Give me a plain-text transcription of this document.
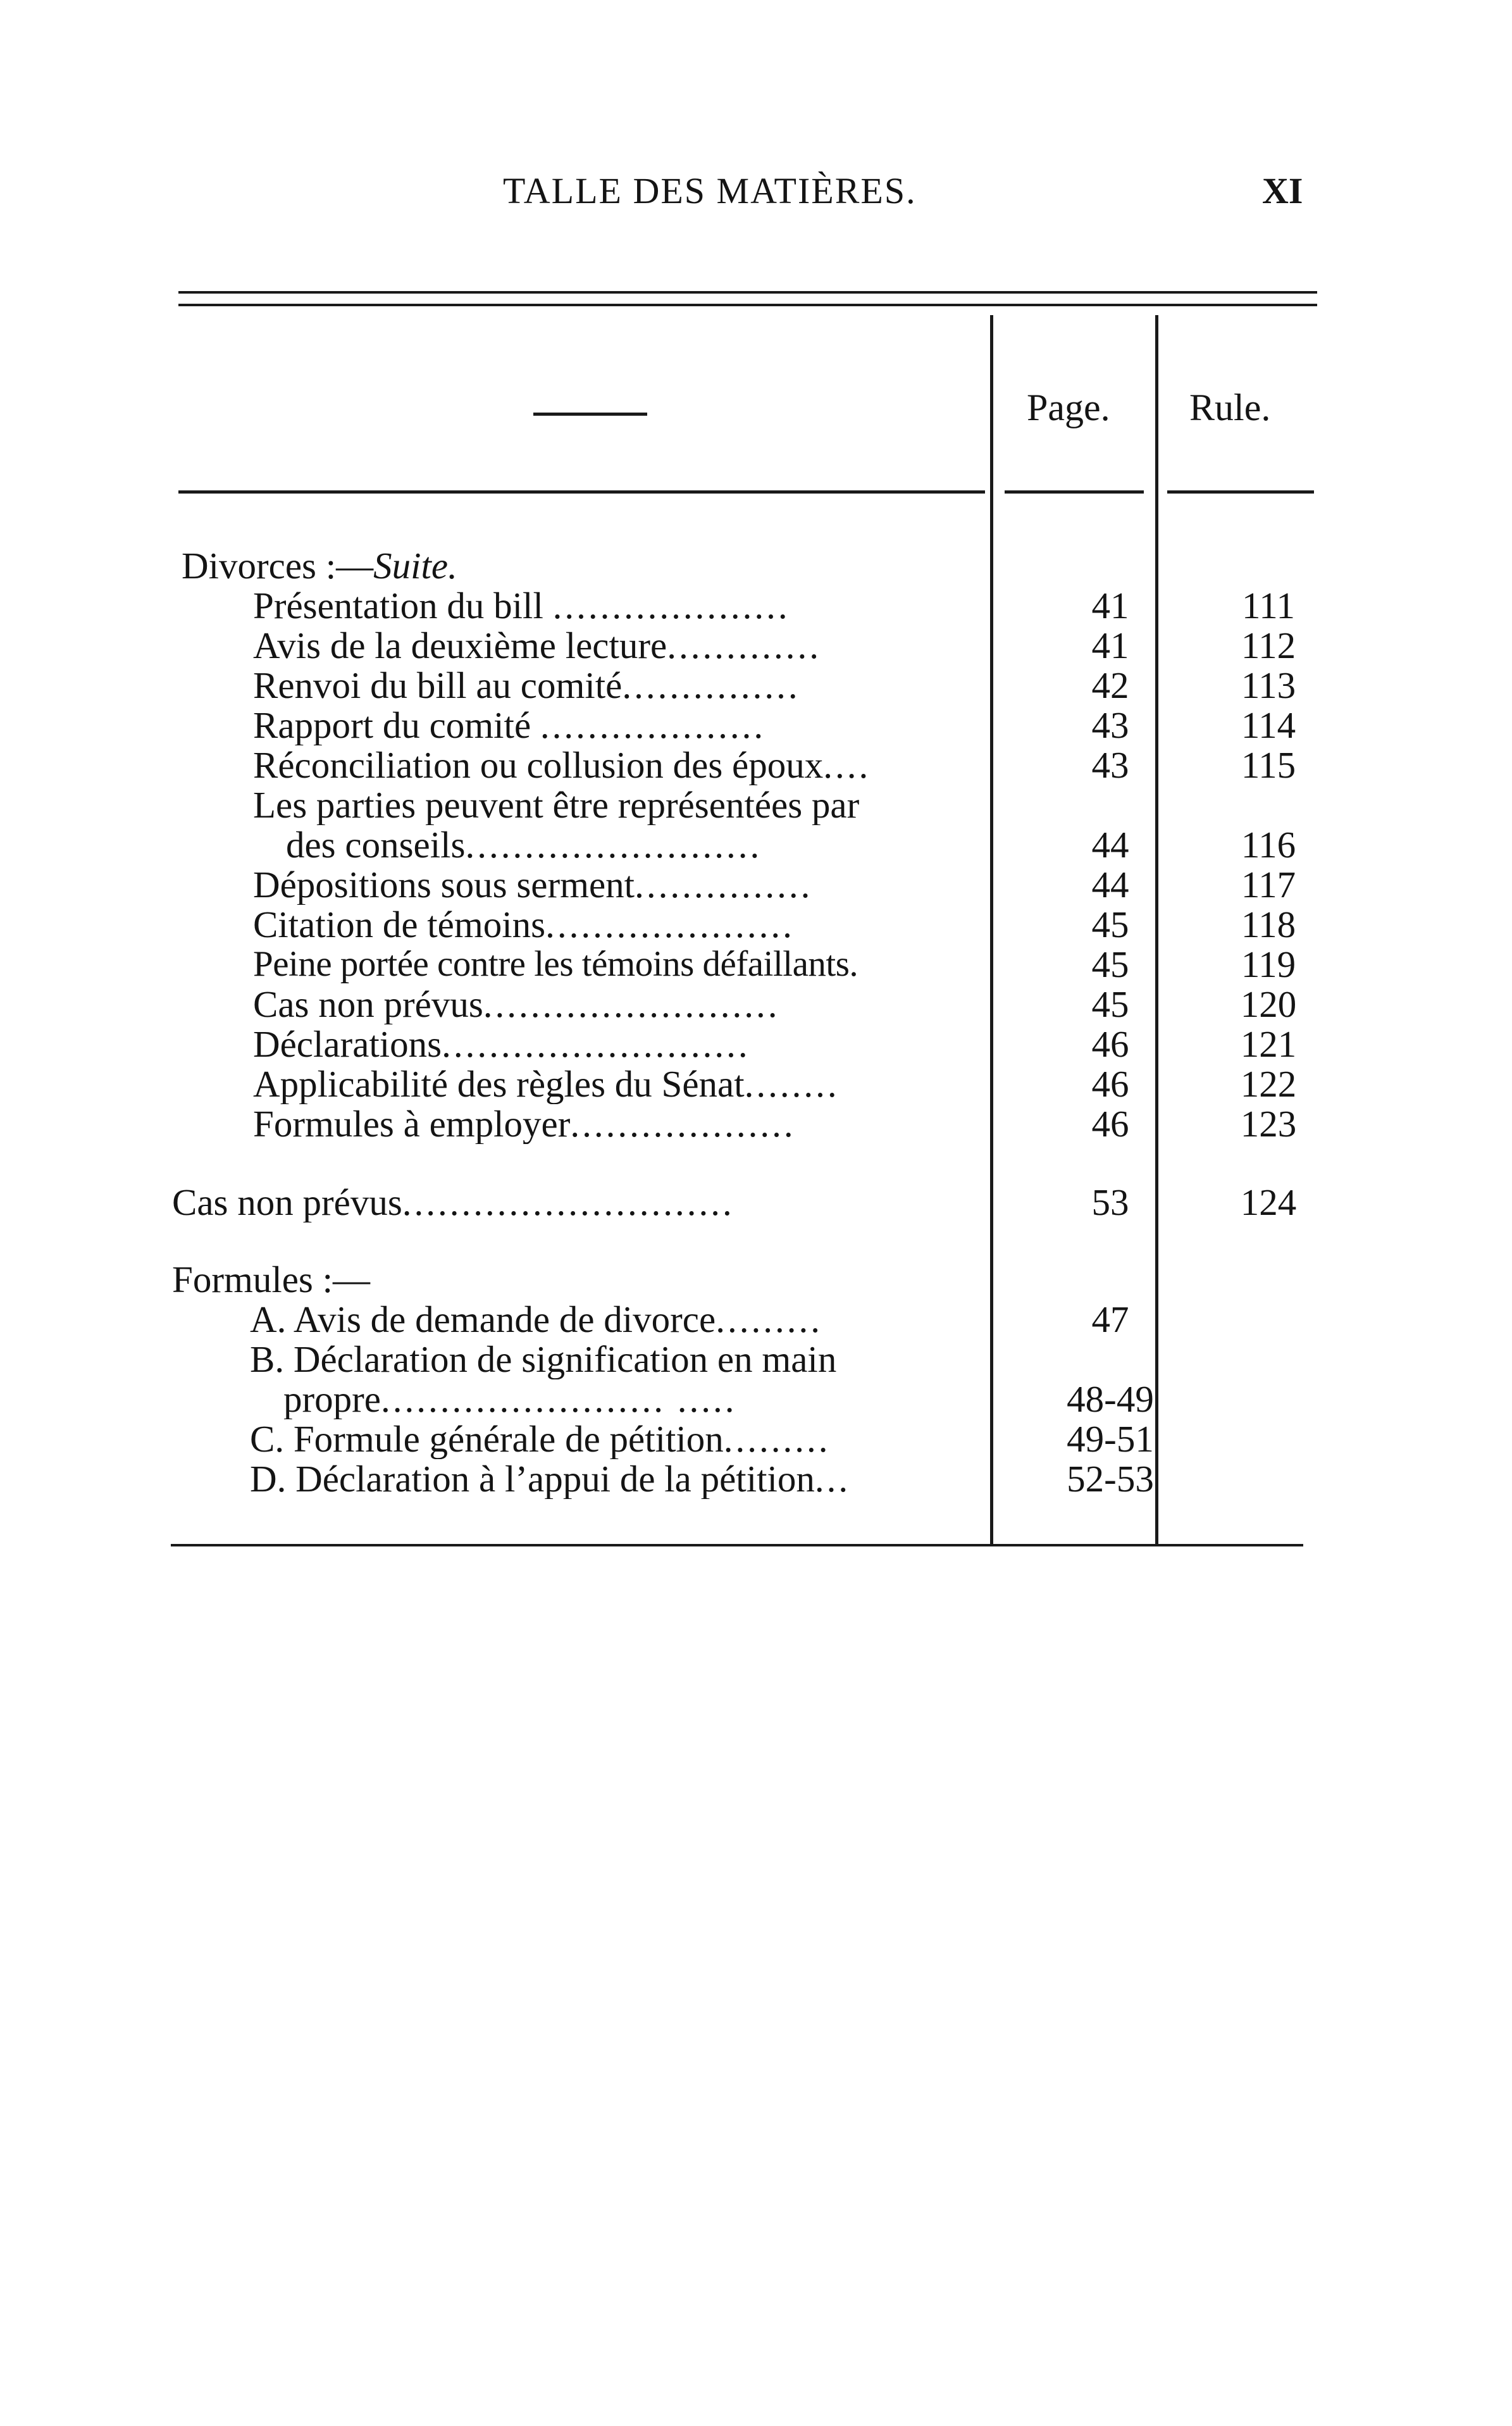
TALLE DES MATIÈRES.	XI
Page. Rule.
Divorces :—Suite.
Présentation du bill ....................	41	111
Avis de la deuxième lecture.............	41	112
Renvoi du bill au comité...............	42	113
Rapport du comité ...................	43	114
Réconciliation ou collusion des époux....	43	115
Les parties peuvent être représentées par
des conseils.........................	44	116
Dépositions sous serment...............	44	117
Citation de témoins.....................	45	118
Peine portée contre les témoins défaillants.	45	119
Cas non prévus.........................	45	120
Déclarations..........................	46	121
Applicabilité des règles du Sénat........	46	122
Formules à employer...................	46	123
Cas non prévus............................	53	124
Formules :—
A. Avis de demande de divorce.........	47
B. Déclaration de signification en main
propre........................ .....	48-49
C. Formule générale de pétition.........	49-51
D. Déclaration à l’appui de la pétition...	52-53
